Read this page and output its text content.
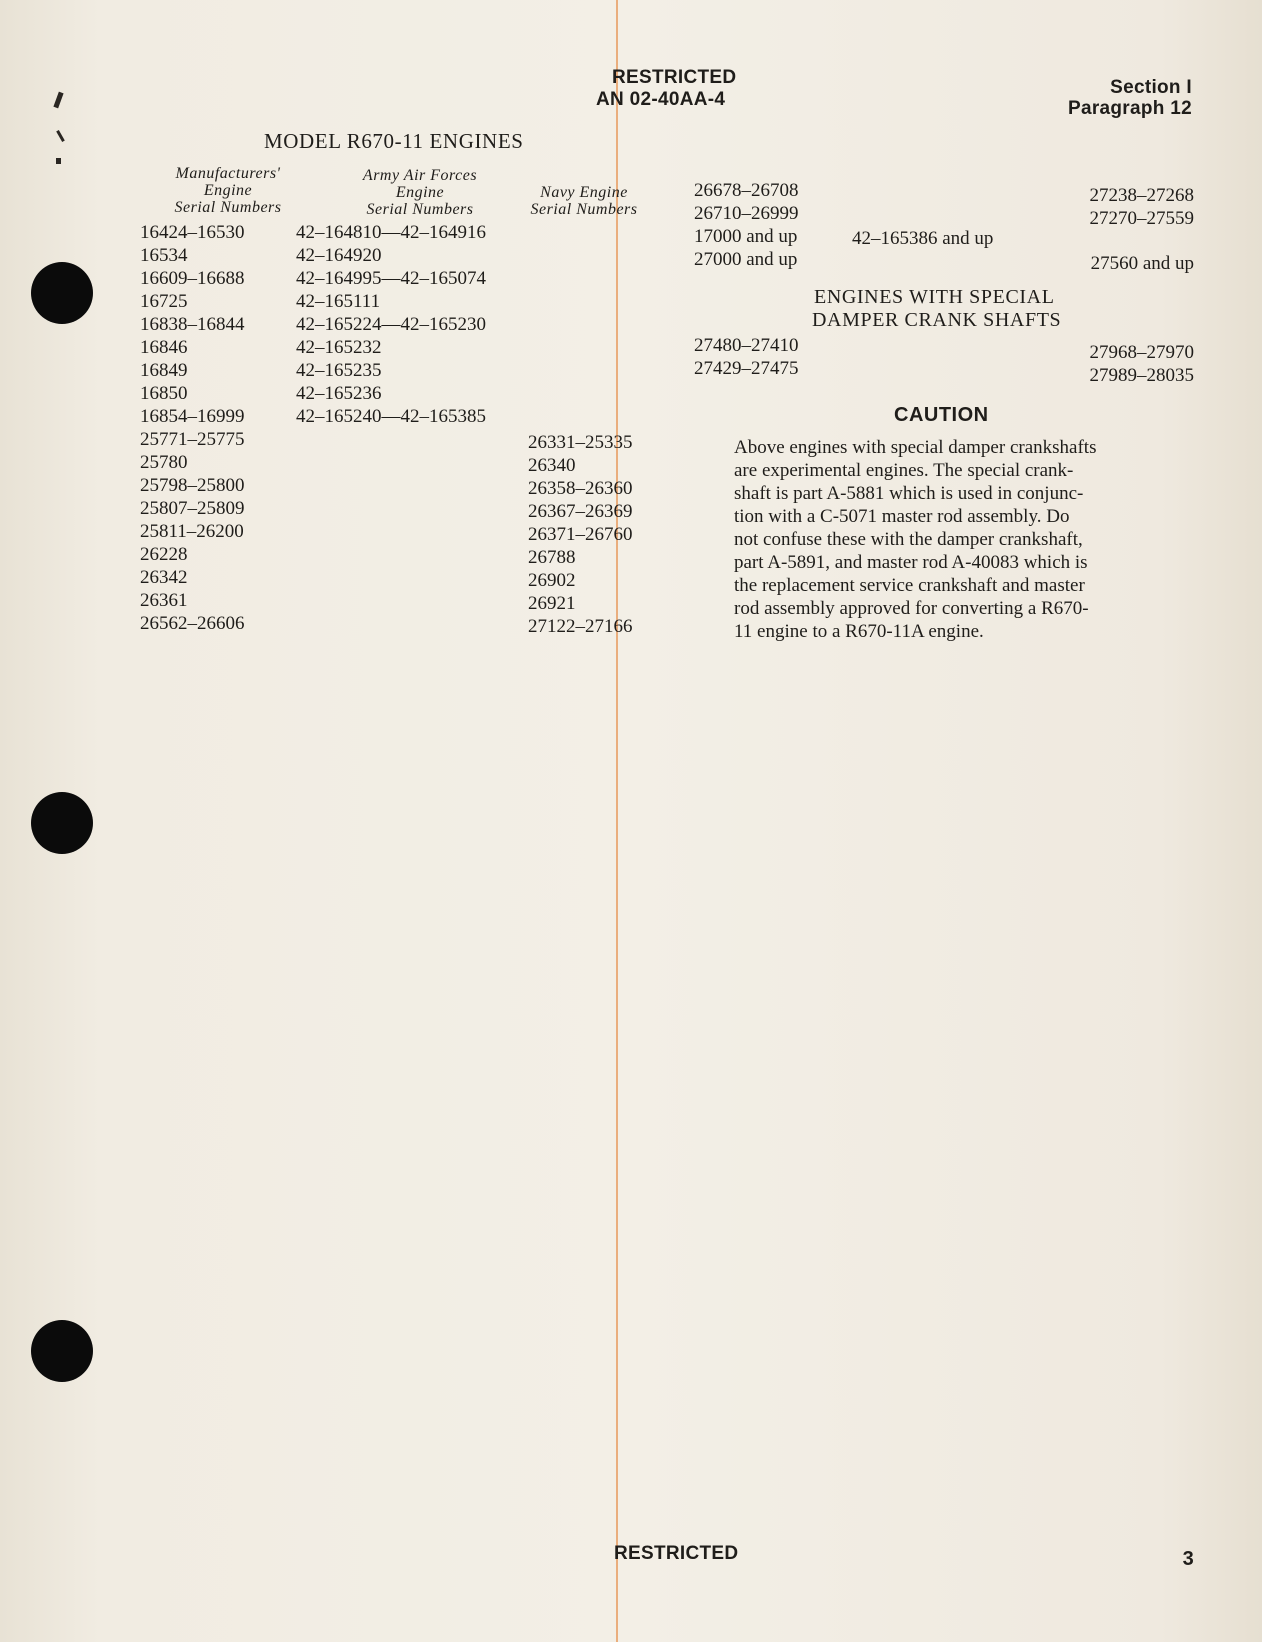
RESTRICTED
AN 02-40AA-4
Section I
Paragraph 12
MODEL R670-11 ENGINES
Manufacturers'
Engine
Serial Numbers
Army Air Forces
Engine
Serial Numbers
Navy Engine
Serial Numbers
16424–16530
16534
16609–16688
16725
16838–16844
16846
16849
16850
16854–16999
25771–25775
25780
25798–25800
25807–25809
25811–26200
26228
26342
26361
26562–26606
42–164810—42–164916
42–164920
42–164995—42–165074
42–165111
42–165224—42–165230
42–165232
42–165235
42–165236
42–165240—42–165385
26331–25335
26340
26358–26360
26367–26369
26371–26760
26788
26902
26921
27122–27166
26678–26708
26710–26999
17000 and up
27000 and up
42–165386 and up
27238–27268
27270–27559
27560 and up
ENGINES WITH SPECIAL
DAMPER CRANK SHAFTS
27480–27410
27429–27475
27968–27970
27989–28035
CAUTION
Above engines with special damper crankshafts
are experimental engines. The special crank-
shaft is part A-5881 which is used in conjunc-
tion with a C-5071 master rod assembly. Do
not confuse these with the damper crankshaft,
part A-5891, and master rod A-40083 which is
the replacement service crankshaft and master
rod assembly approved for converting a R670-
11 engine to a R670-11A engine.
RESTRICTED	3
